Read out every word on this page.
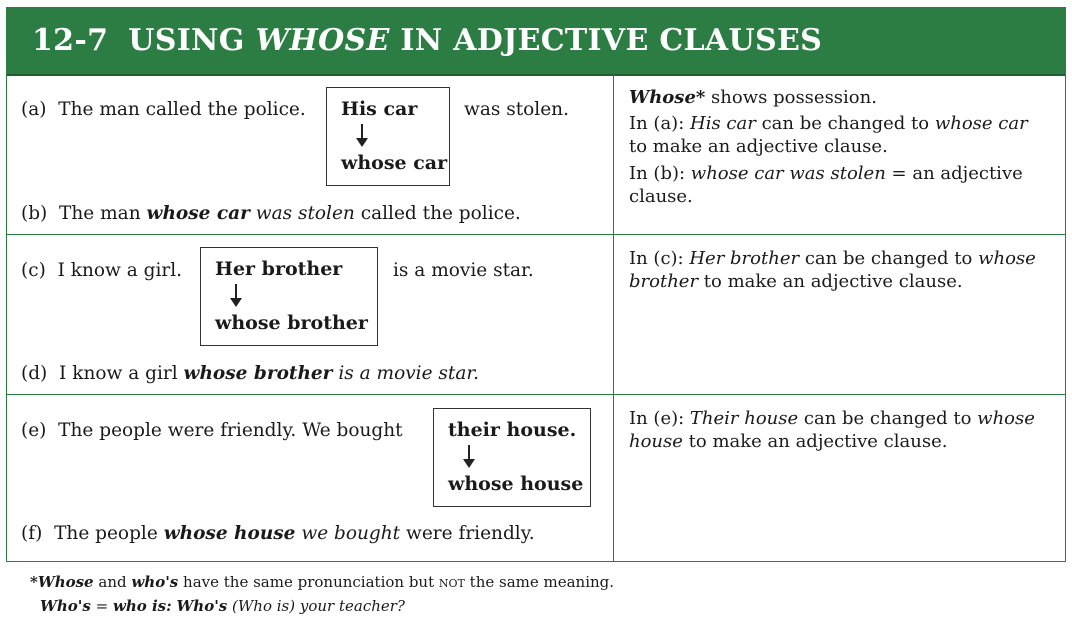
12-7 USING WHOSE IN ADJECTIVE CLAUSES
(a) The man called the police. His car
whose car
was stolen.
(b) The man whose car was stolen called the police.
Whose* shows possession.
In (a): His car can be changed to whose car
to make an adjective clause.
In (b): whose car was stolen = an adjective
clause.
(c) I know a girl. Her brother
whose brother
is a movie star.
(d) I know a girl whose brother is a movie star.
In (c): Her brother can be changed to whose
brother to make an adjective clause.
(e) The people were friendly. We bought their house.
whose house
(f) The people whose house we bought were friendly.
In (e): Their house can be changed to whose
house to make an adjective clause.
*Whose and who's have the same pronunciation but not the same meaning.
Who's = who is: Who's (Who is) your teacher?
